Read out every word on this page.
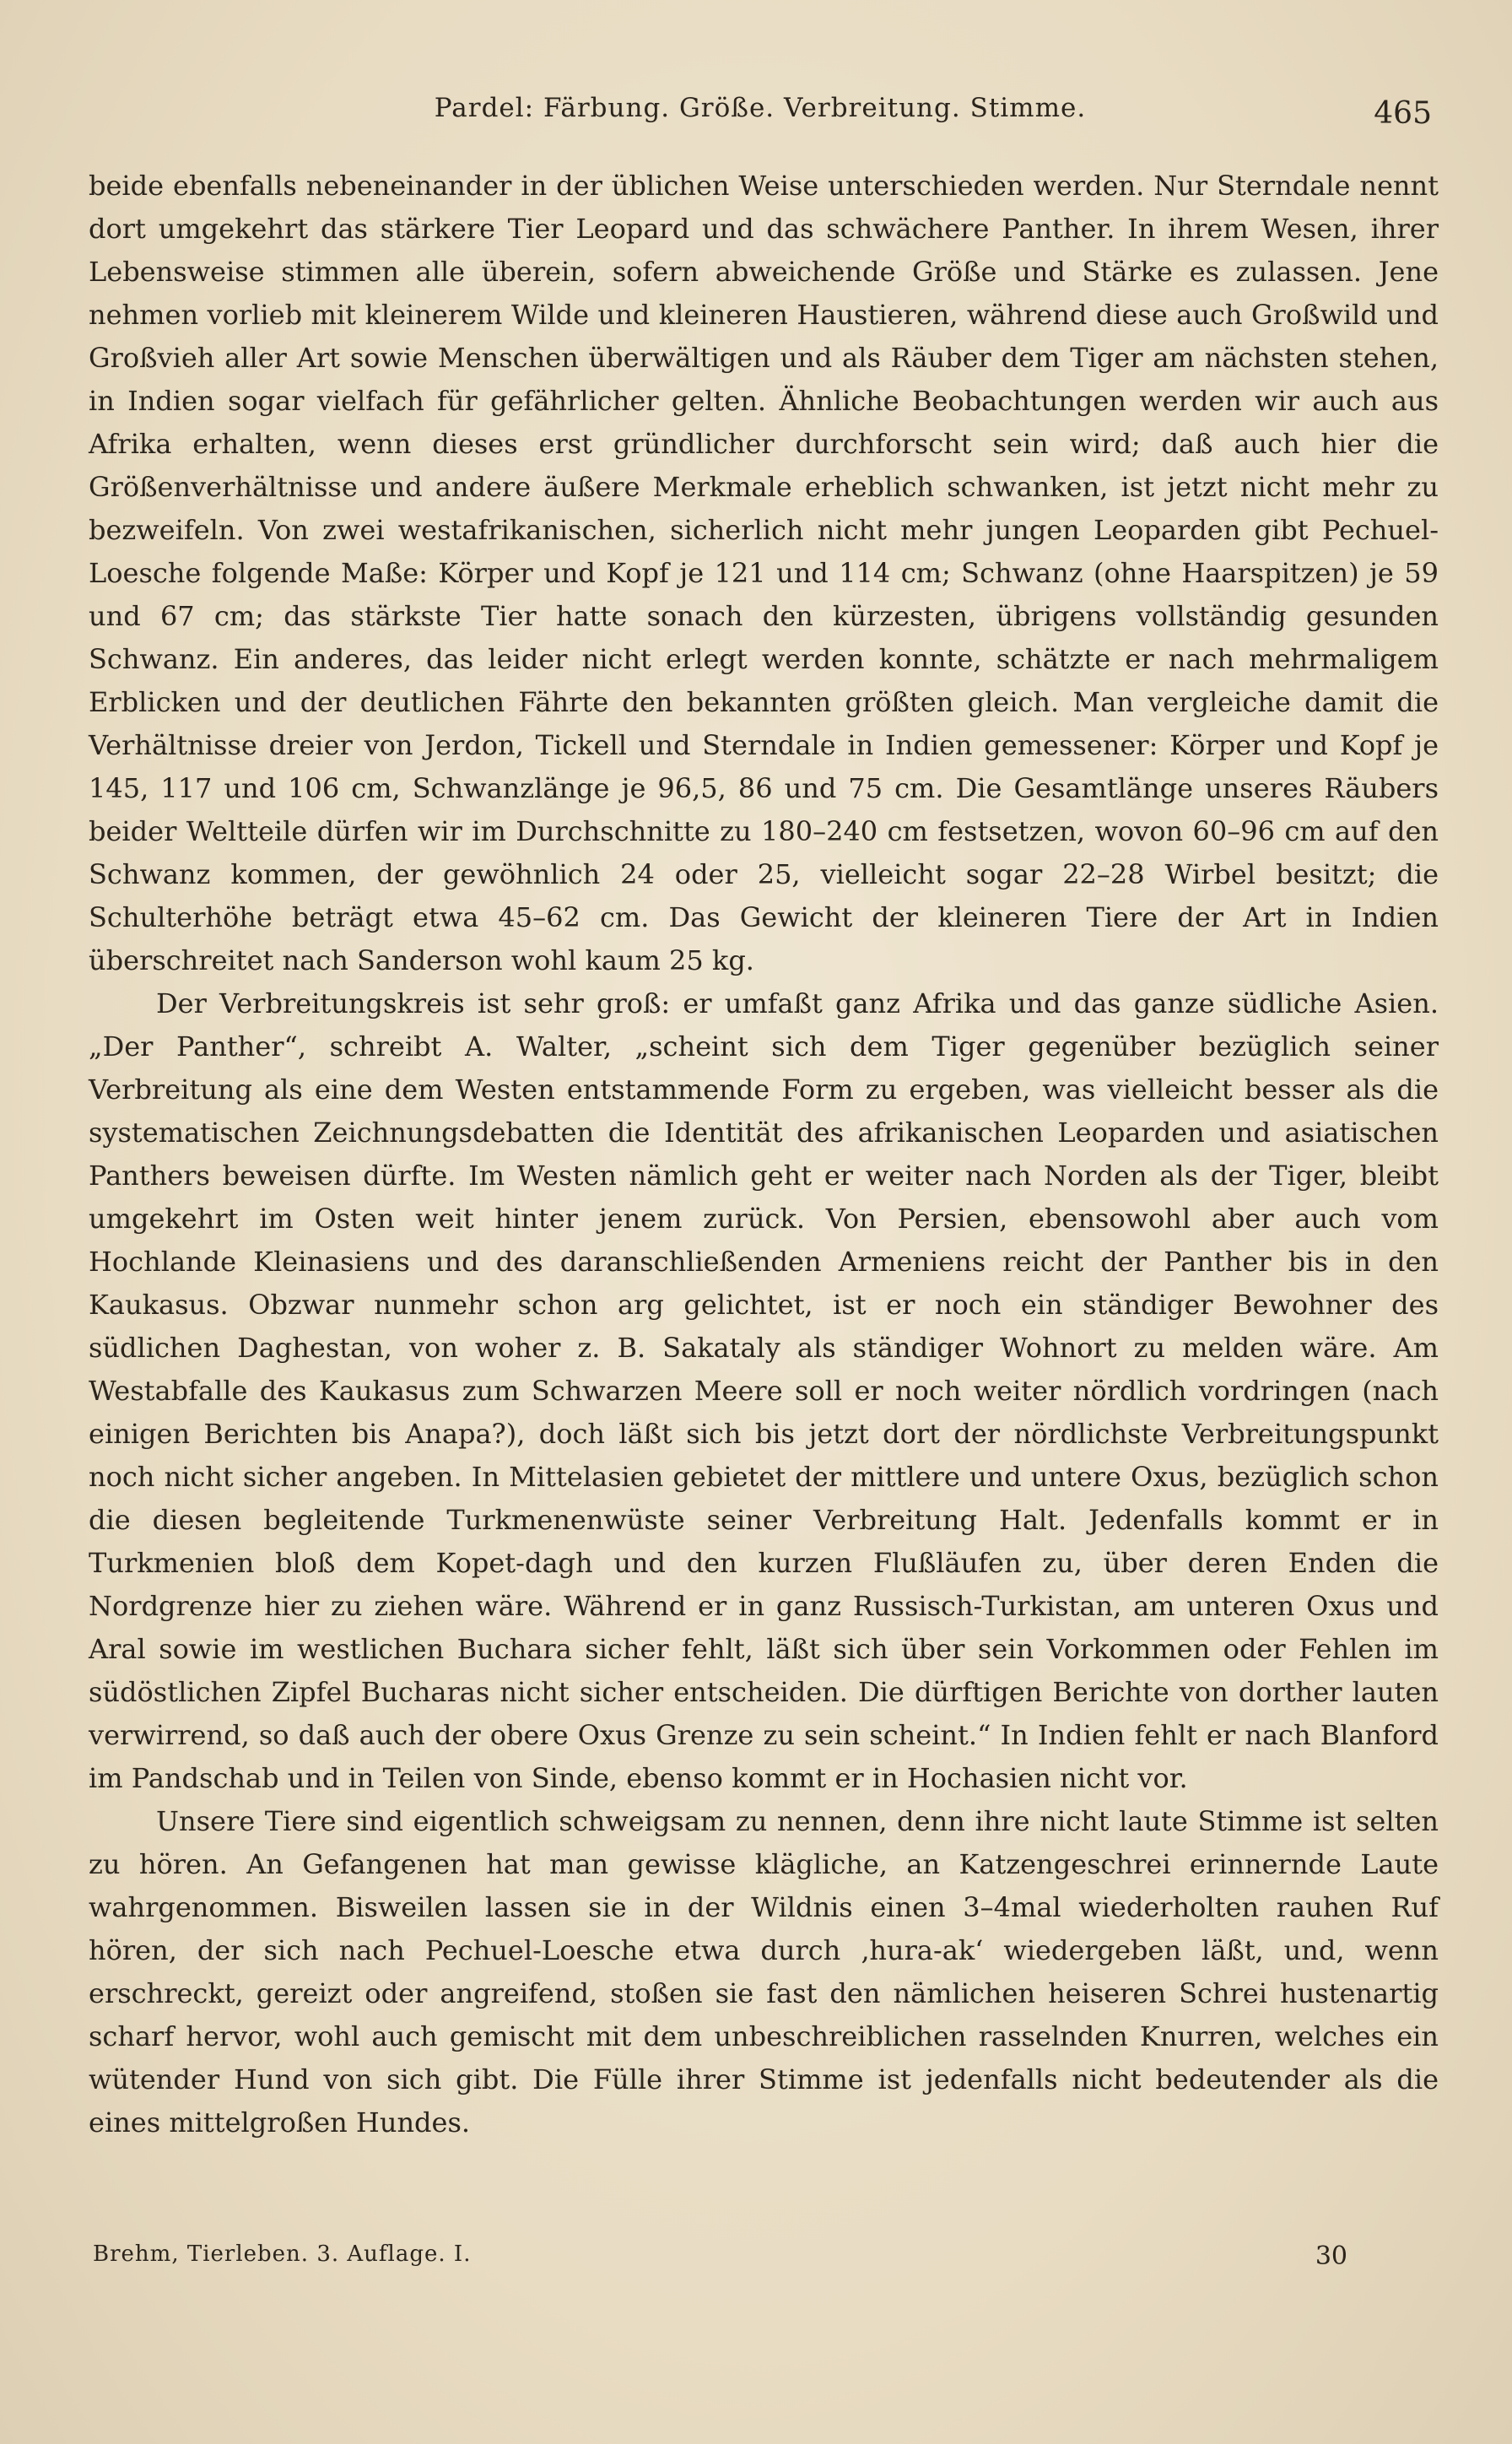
Pardel: Färbung. Größe. Verbreitung. Stimme.	465

beide ebenfalls nebeneinander in der üblichen Weise unterschieden werden. Nur Sterndale nennt dort umgekehrt das stärkere Tier Leopard und das schwächere Panther. In ihrem Wesen, ihrer Lebensweise stimmen alle überein, sofern abweichende Größe und Stärke es zulassen. Jene nehmen vorlieb mit kleinerem Wilde und kleineren Haustieren, während diese auch Großwild und Großvieh aller Art sowie Menschen überwältigen und als Räuber dem Tiger am nächsten stehen, in Indien sogar vielfach für gefährlicher gelten. Ähnliche Beobachtungen werden wir auch aus Afrika erhalten, wenn dieses erst gründlicher durchforscht sein wird; daß auch hier die Größenverhältnisse und andere äußere Merkmale erheblich schwanken, ist jetzt nicht mehr zu bezweifeln. Von zwei westafrikanischen, sicherlich nicht mehr jungen Leoparden gibt Pechuel-Loesche folgende Maße: Körper und Kopf je 121 und 114 cm; Schwanz (ohne Haarspitzen) je 59 und 67 cm; das stärkste Tier hatte sonach den kürzesten, übrigens vollständig gesunden Schwanz. Ein anderes, das leider nicht erlegt werden konnte, schätzte er nach mehrmaligem Erblicken und der deutlichen Fährte den bekannten größten gleich. Man vergleiche damit die Verhältnisse dreier von Jerdon, Tickell und Sterndale in Indien gemessener: Körper und Kopf je 145, 117 und 106 cm, Schwanzlänge je 96,5, 86 und 75 cm. Die Gesamtlänge unseres Räubers beider Weltteile dürfen wir im Durchschnitte zu 180–240 cm festsetzen, wovon 60–96 cm auf den Schwanz kommen, der gewöhnlich 24 oder 25, vielleicht sogar 22–28 Wirbel besitzt; die Schulterhöhe beträgt etwa 45–62 cm. Das Gewicht der kleineren Tiere der Art in Indien überschreitet nach Sanderson wohl kaum 25 kg.

Der Verbreitungskreis ist sehr groß: er umfaßt ganz Afrika und das ganze südliche Asien. „Der Panther“, schreibt A. Walter, „scheint sich dem Tiger gegenüber bezüglich seiner Verbreitung als eine dem Westen entstammende Form zu ergeben, was vielleicht besser als die systematischen Zeichnungsdebatten die Identität des afrikanischen Leoparden und asiatischen Panthers beweisen dürfte. Im Westen nämlich geht er weiter nach Norden als der Tiger, bleibt umgekehrt im Osten weit hinter jenem zurück. Von Persien, ebensowohl aber auch vom Hochlande Kleinasiens und des daranschließenden Armeniens reicht der Panther bis in den Kaukasus. Obzwar nunmehr schon arg gelichtet, ist er noch ein ständiger Bewohner des südlichen Daghestan, von woher z. B. Sakataly als ständiger Wohnort zu melden wäre. Am Westabfalle des Kaukasus zum Schwarzen Meere soll er noch weiter nördlich vordringen (nach einigen Berichten bis Anapa?), doch läßt sich bis jetzt dort der nördlichste Verbreitungspunkt noch nicht sicher angeben. In Mittelasien gebietet der mittlere und untere Oxus, bezüglich schon die diesen begleitende Turkmenenwüste seiner Verbreitung Halt. Jedenfalls kommt er in Turkmenien bloß dem Kopet-dagh und den kurzen Flußläufen zu, über deren Enden die Nordgrenze hier zu ziehen wäre. Während er in ganz Russisch-Turkistan, am unteren Oxus und Aral sowie im westlichen Buchara sicher fehlt, läßt sich über sein Vorkommen oder Fehlen im südöstlichen Zipfel Bucharas nicht sicher entscheiden. Die dürftigen Berichte von dorther lauten verwirrend, so daß auch der obere Oxus Grenze zu sein scheint.“ In Indien fehlt er nach Blanford im Pandschab und in Teilen von Sinde, ebenso kommt er in Hochasien nicht vor.

Unsere Tiere sind eigentlich schweigsam zu nennen, denn ihre nicht laute Stimme ist selten zu hören. An Gefangenen hat man gewisse klägliche, an Katzengeschrei erinnernde Laute wahrgenommen. Bisweilen lassen sie in der Wildnis einen 3–4mal wiederholten rauhen Ruf hören, der sich nach Pechuel-Loesche etwa durch ‚hura-ak‘ wiedergeben läßt, und, wenn erschreckt, gereizt oder angreifend, stoßen sie fast den nämlichen heiseren Schrei hustenartig scharf hervor, wohl auch gemischt mit dem unbeschreiblichen rasselnden Knurren, welches ein wütender Hund von sich gibt. Die Fülle ihrer Stimme ist jedenfalls nicht bedeutender als die eines mittelgroßen Hundes.

Brehm, Tierleben. 3. Auflage. I.	30
